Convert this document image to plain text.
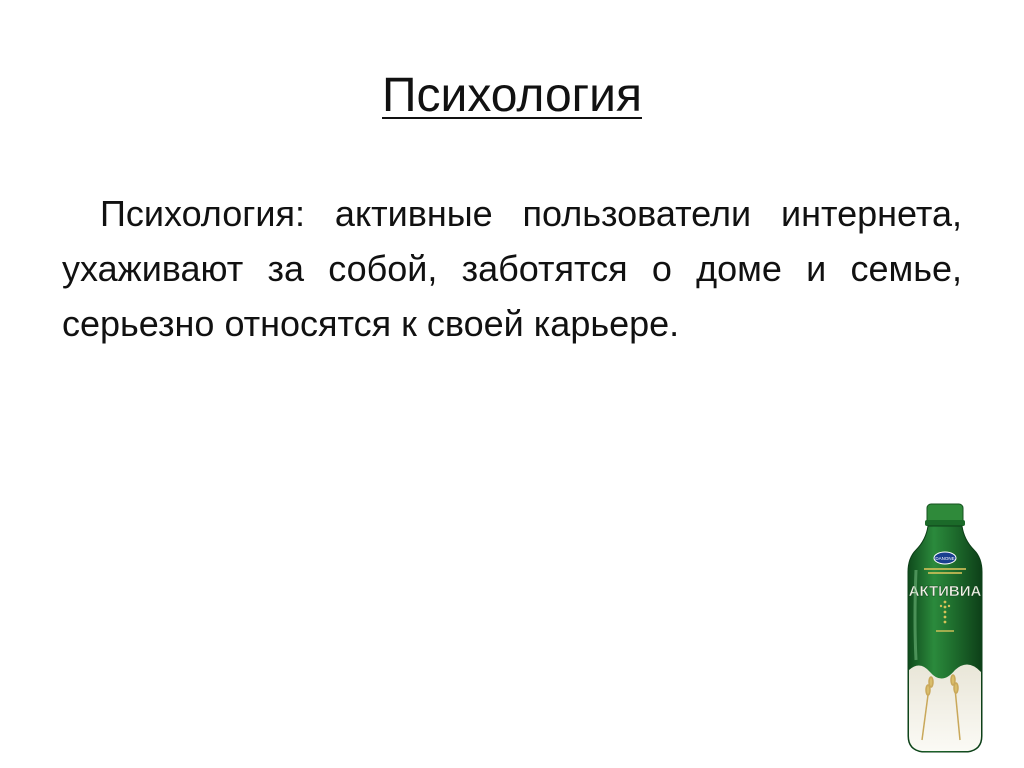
Психология

Психология: активные пользователи интернета, ухаживают за собой, заботятся о доме и семье, серьезно относятся к своей карьере.

DANONE
АКТИВИА
